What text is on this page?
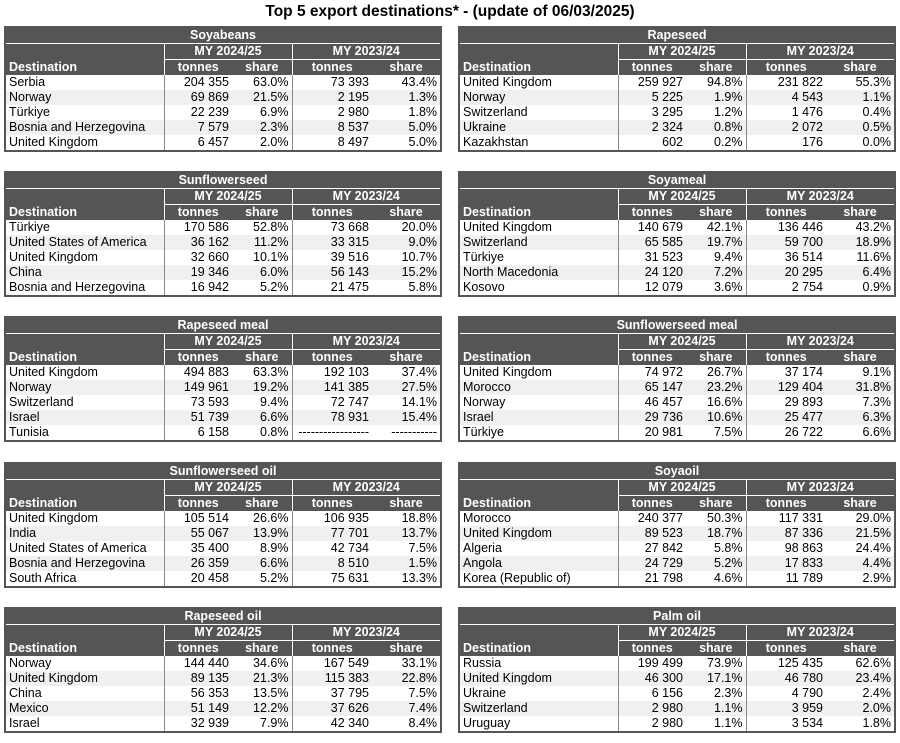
Top 5 export destinations* - (update of 06/03/2025)
Soyabeans				
	MY 2024/25		MY 2023/24	
Destination	tonnes	share	tonnes	share
Serbia	204 355	63.0%	73 393	43.4%
Norway	69 869	21.5%	2 195	1.3%
Türkiye	22 239	6.9%	2 980	1.8%
Bosnia and Herzegovina	7 579	2.3%	8 537	5.0%
United Kingdom	6 457	2.0%	8 497	5.0%
Rapeseed				
	MY 2024/25		MY 2023/24	
Destination	tonnes	share	tonnes	share
United Kingdom	259 927	94.8%	231 822	55.3%
Norway	5 225	1.9%	4 543	1.1%
Switzerland	3 295	1.2%	1 476	0.4%
Ukraine	2 324	0.8%	2 072	0.5%
Kazakhstan	602	0.2%	176	0.0%
Sunflowerseed				
	MY 2024/25		MY 2023/24	
Destination	tonnes	share	tonnes	share
Türkiye	170 586	52.8%	73 668	20.0%
United States of America	36 162	11.2%	33 315	9.0%
United Kingdom	32 660	10.1%	39 516	10.7%
China	19 346	6.0%	56 143	15.2%
Bosnia and Herzegovina	16 942	5.2%	21 475	5.8%
Soyameal				
	MY 2024/25		MY 2023/24	
Destination	tonnes	share	tonnes	share
United Kingdom	140 679	42.1%	136 446	43.2%
Switzerland	65 585	19.7%	59 700	18.9%
Türkiye	31 523	9.4%	36 514	11.6%
North Macedonia	24 120	7.2%	20 295	6.4%
Kosovo	12 079	3.6%	2 754	0.9%
Rapeseed meal				
	MY 2024/25		MY 2023/24	
Destination	tonnes	share	tonnes	share
United Kingdom	494 883	63.3%	192 103	37.4%
Norway	149 961	19.2%	141 385	27.5%
Switzerland	73 593	9.4%	72 747	14.1%
Israel	51 739	6.6%	78 931	15.4%
Tunisia	6 158	0.8%	-----------------	-----------
Sunflowerseed meal				
	MY 2024/25		MY 2023/24	
Destination	tonnes	share	tonnes	share
United Kingdom	74 972	26.7%	37 174	9.1%
Morocco	65 147	23.2%	129 404	31.8%
Norway	46 457	16.6%	29 893	7.3%
Israel	29 736	10.6%	25 477	6.3%
Türkiye	20 981	7.5%	26 722	6.6%
Sunflowerseed oil				
	MY 2024/25		MY 2023/24	
Destination	tonnes	share	tonnes	share
United Kingdom	105 514	26.6%	106 935	18.8%
India	55 067	13.9%	77 701	13.7%
United States of America	35 400	8.9%	42 734	7.5%
Bosnia and Herzegovina	26 359	6.6%	8 510	1.5%
South Africa	20 458	5.2%	75 631	13.3%
Soyaoil				
	MY 2024/25		MY 2023/24	
Destination	tonnes	share	tonnes	share
Morocco	240 377	50.3%	117 331	29.0%
United Kingdom	89 523	18.7%	87 336	21.5%
Algeria	27 842	5.8%	98 863	24.4%
Angola	24 729	5.2%	17 833	4.4%
Korea (Republic of)	21 798	4.6%	11 789	2.9%
Rapeseed oil				
	MY 2024/25		MY 2023/24	
Destination	tonnes	share	tonnes	share
Norway	144 440	34.6%	167 549	33.1%
United Kingdom	89 135	21.3%	115 383	22.8%
China	56 353	13.5%	37 795	7.5%
Mexico	51 149	12.2%	37 626	7.4%
Israel	32 939	7.9%	42 340	8.4%
Palm oil				
	MY 2024/25		MY 2023/24	
Destination	tonnes	share	tonnes	share
Russia	199 499	73.9%	125 435	62.6%
United Kingdom	46 300	17.1%	46 780	23.4%
Ukraine	6 156	2.3%	4 790	2.4%
Switzerland	2 980	1.1%	3 959	2.0%
Uruguay	2 980	1.1%	3 534	1.8%
